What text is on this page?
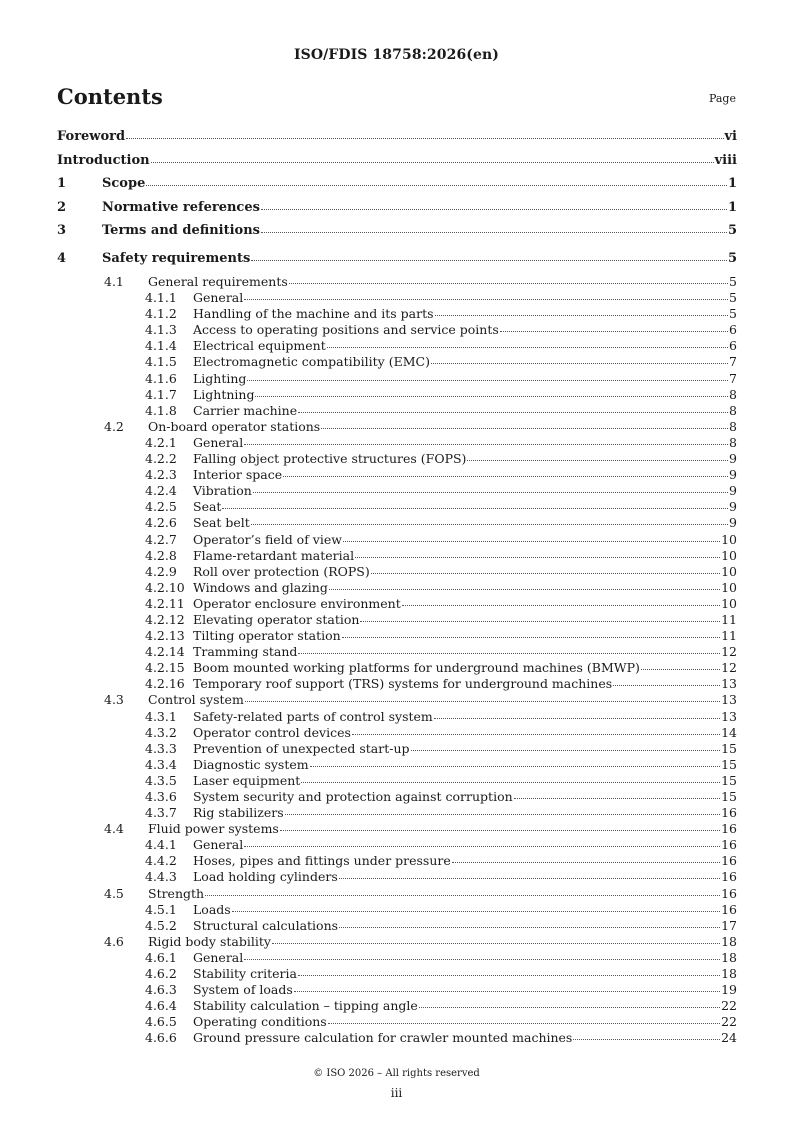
ISO/FDIS 18758:2026(en)
Contents	Page
Foreword	vi
Introduction	viii
1	Scope	1
2	Normative references	1
3	Terms and definitions	5
4	Safety requirements	5
4.1 General requirements	5
4.1.1 General	5
4.1.2 Handling of the machine and its parts	5
4.1.3 Access to operating positions and service points	6
4.1.4 Electrical equipment	6
4.1.5 Electromagnetic compatibility (EMC)	7
4.1.6 Lighting	7
4.1.7 Lightning	8
4.1.8 Carrier machine	8
4.2 On-board operator stations	8
4.2.1 General	8
4.2.2 Falling object protective structures (FOPS)	9
4.2.3 Interior space	9
4.2.4 Vibration	9
4.2.5 Seat	9
4.2.6 Seat belt	9
4.2.7 Operator’s field of view	10
4.2.8 Flame-retardant material	10
4.2.9 Roll over protection (ROPS)	10
4.2.10 Windows and glazing	10
4.2.11 Operator enclosure environment	10
4.2.12 Elevating operator station	11
4.2.13 Tilting operator station	11
4.2.14 Tramming stand	12
4.2.15 Boom mounted working platforms for underground machines (BMWP)	12
4.2.16 Temporary roof support (TRS) systems for underground machines	13
4.3 Control system	13
4.3.1 Safety-related parts of control system	13
4.3.2 Operator control devices	14
4.3.3 Prevention of unexpected start-up	15
4.3.4 Diagnostic system	15
4.3.5 Laser equipment	15
4.3.6 System security and protection against corruption	15
4.3.7 Rig stabilizers	16
4.4 Fluid power systems	16
4.4.1 General	16
4.4.2 Hoses, pipes and fittings under pressure	16
4.4.3 Load holding cylinders	16
4.5 Strength	16
4.5.1 Loads	16
4.5.2 Structural calculations	17
4.6 Rigid body stability	18
4.6.1 General	18
4.6.2 Stability criteria	18
4.6.3 System of loads	19
4.6.4 Stability calculation – tipping angle	22
4.6.5 Operating conditions	22
4.6.6 Ground pressure calculation for crawler mounted machines	24
© ISO 2026 – All rights reserved
iii
